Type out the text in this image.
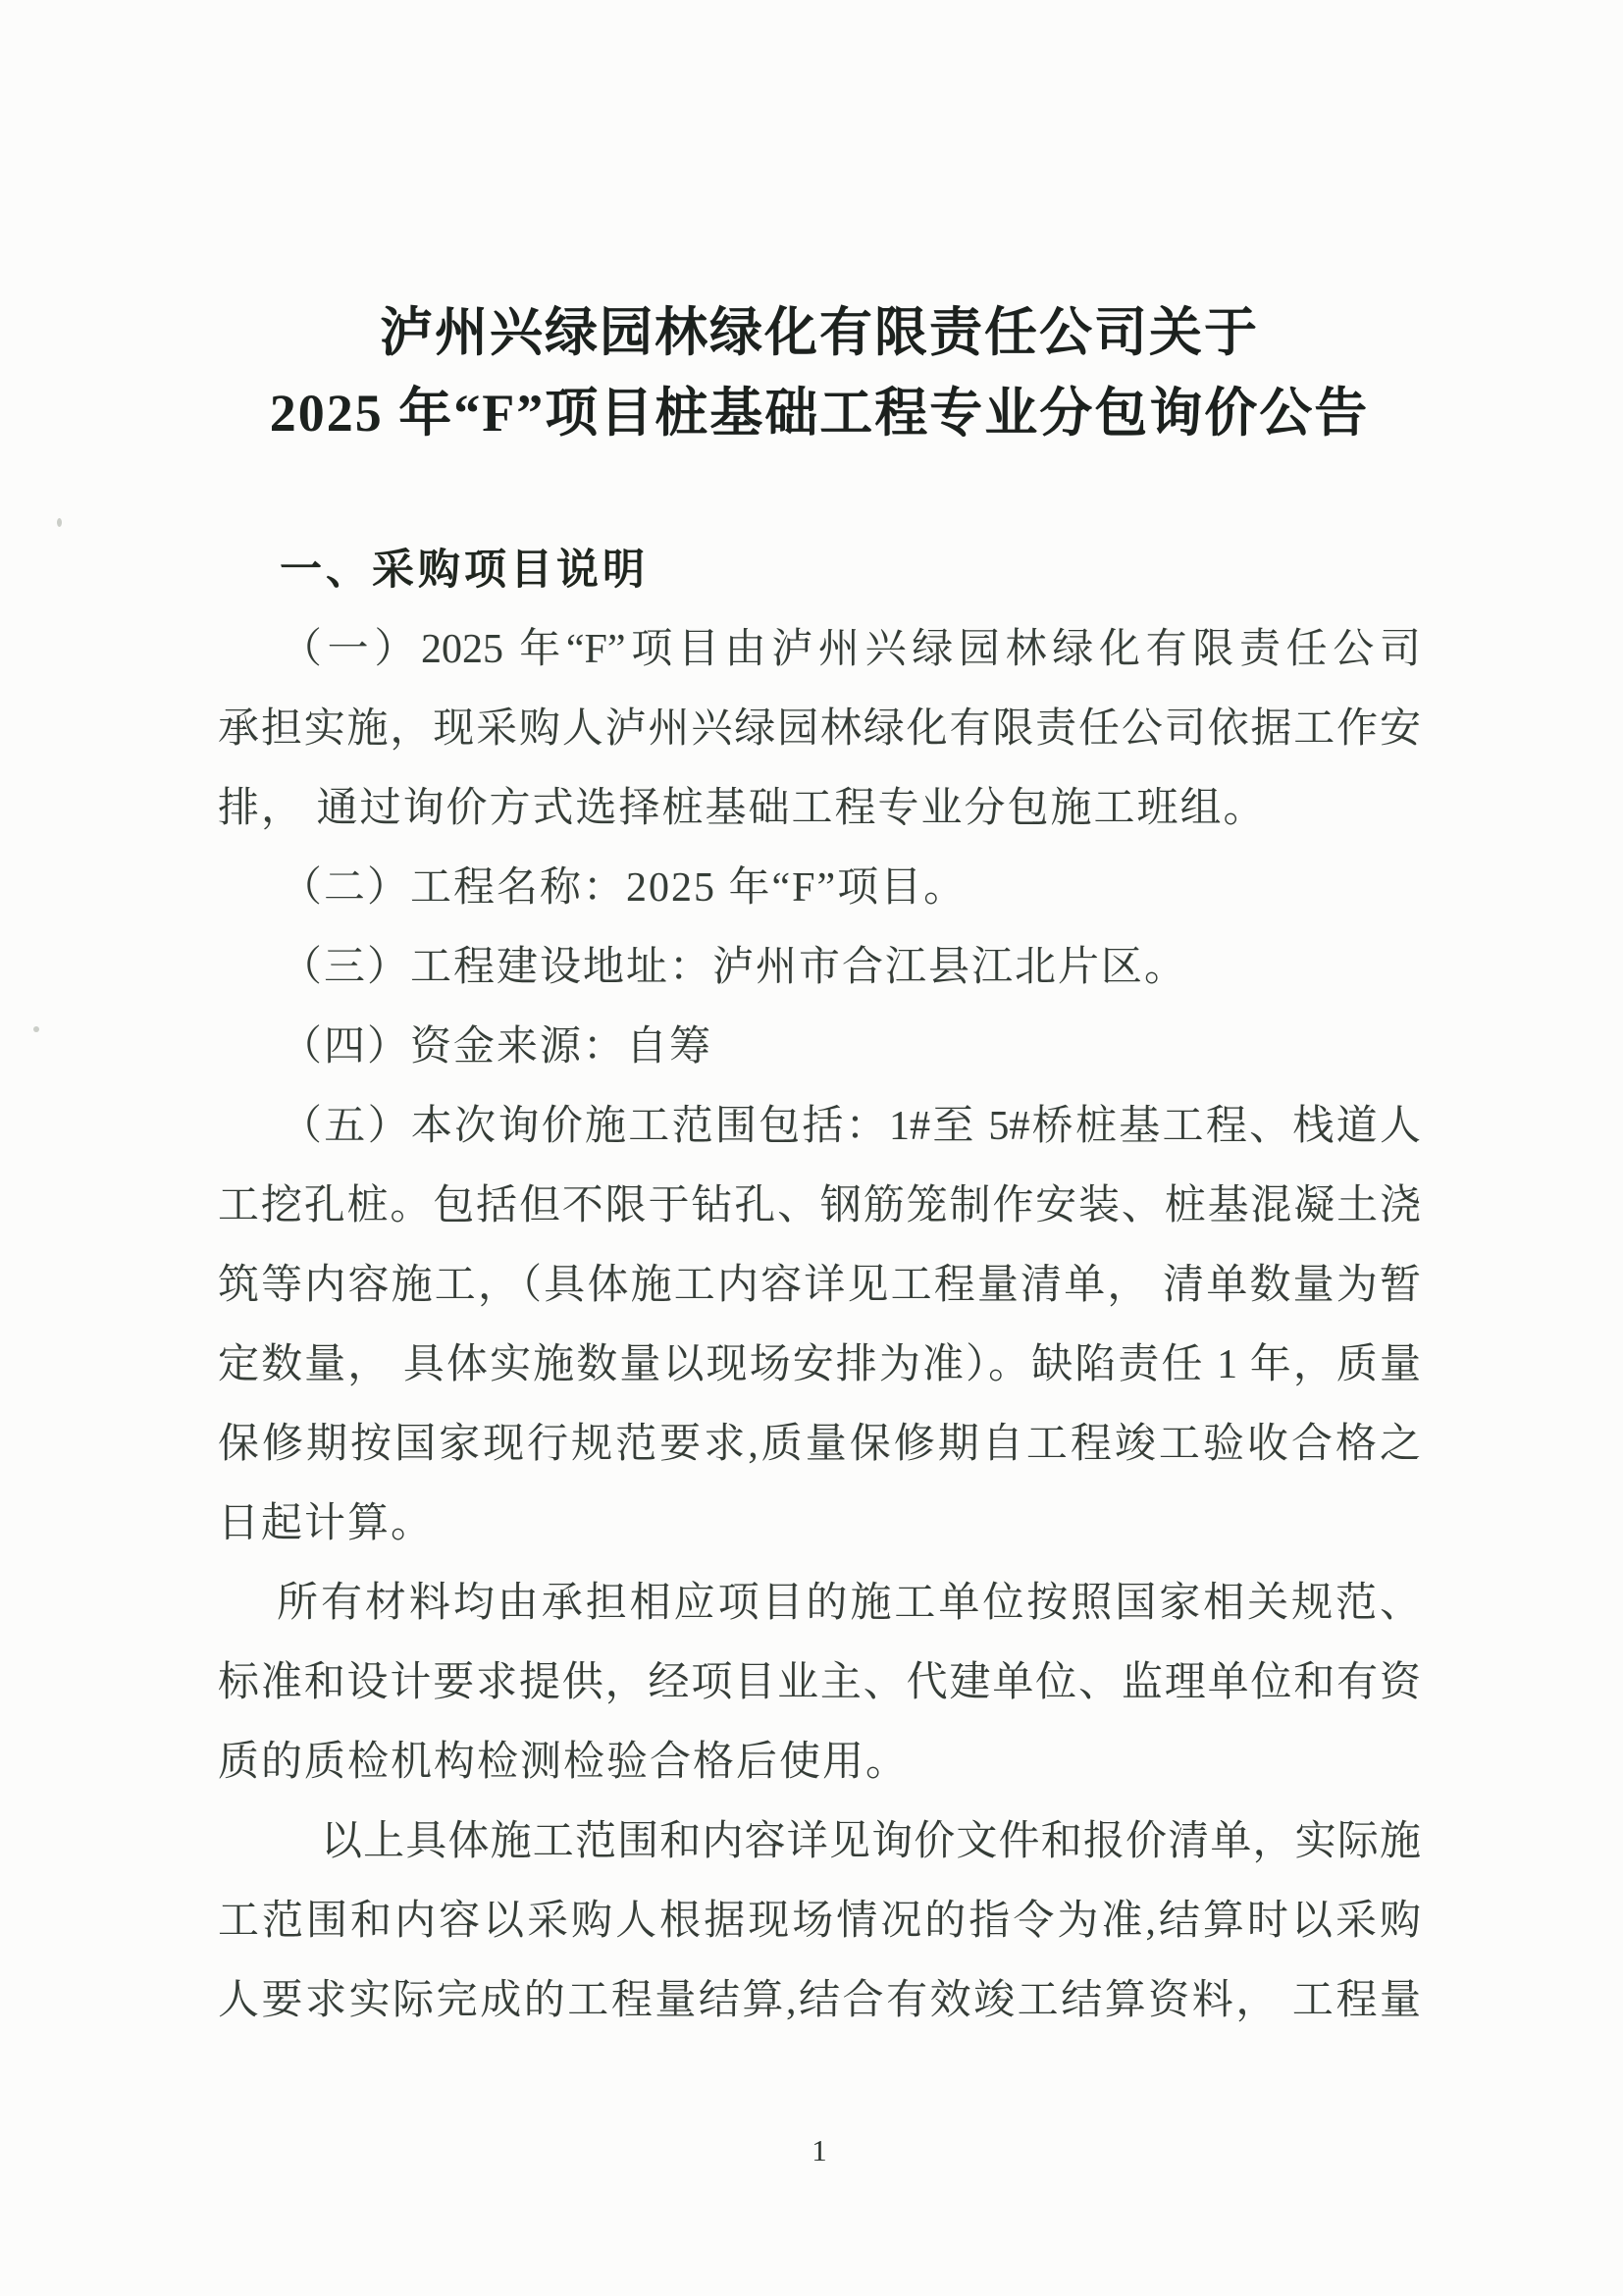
泸州兴绿园林绿化有限责任公司关于
2025 年“F”项目桩基础工程专业分包询价公告
一、采购项目说明
（一）2025 年“F”项目由泸州兴绿园林绿化有限责任公司
承担实施，现采购人泸州兴绿园林绿化有限责任公司依据工作安
排， 通过询价方式选择桩基础工程专业分包施工班组。
（二）工程名称：2025 年“F”项目。
（三）工程建设地址：泸州市合江县江北片区。
（四）资金来源：自筹
（五）本次询价施工范围包括：1#至 5#桥桩基工程、栈道人
工挖孔桩。包括但不限于钻孔、钢筋笼制作安装、桩基混凝土浇
筑等内容施工，（具体施工内容详见工程量清单， 清单数量为暂
定数量， 具体实施数量以现场安排为准）。缺陷责任 1 年，质量
保修期按国家现行规范要求,质量保修期自工程竣工验收合格之
日起计算。
所有材料均由承担相应项目的施工单位按照国家相关规范、
标准和设计要求提供，经项目业主、代建单位、监理单位和有资
质的质检机构检测检验合格后使用。
以上具体施工范围和内容详见询价文件和报价清单，实际施
工范围和内容以采购人根据现场情况的指令为准,结算时以采购
人要求实际完成的工程量结算,结合有效竣工结算资料， 工程量
1
